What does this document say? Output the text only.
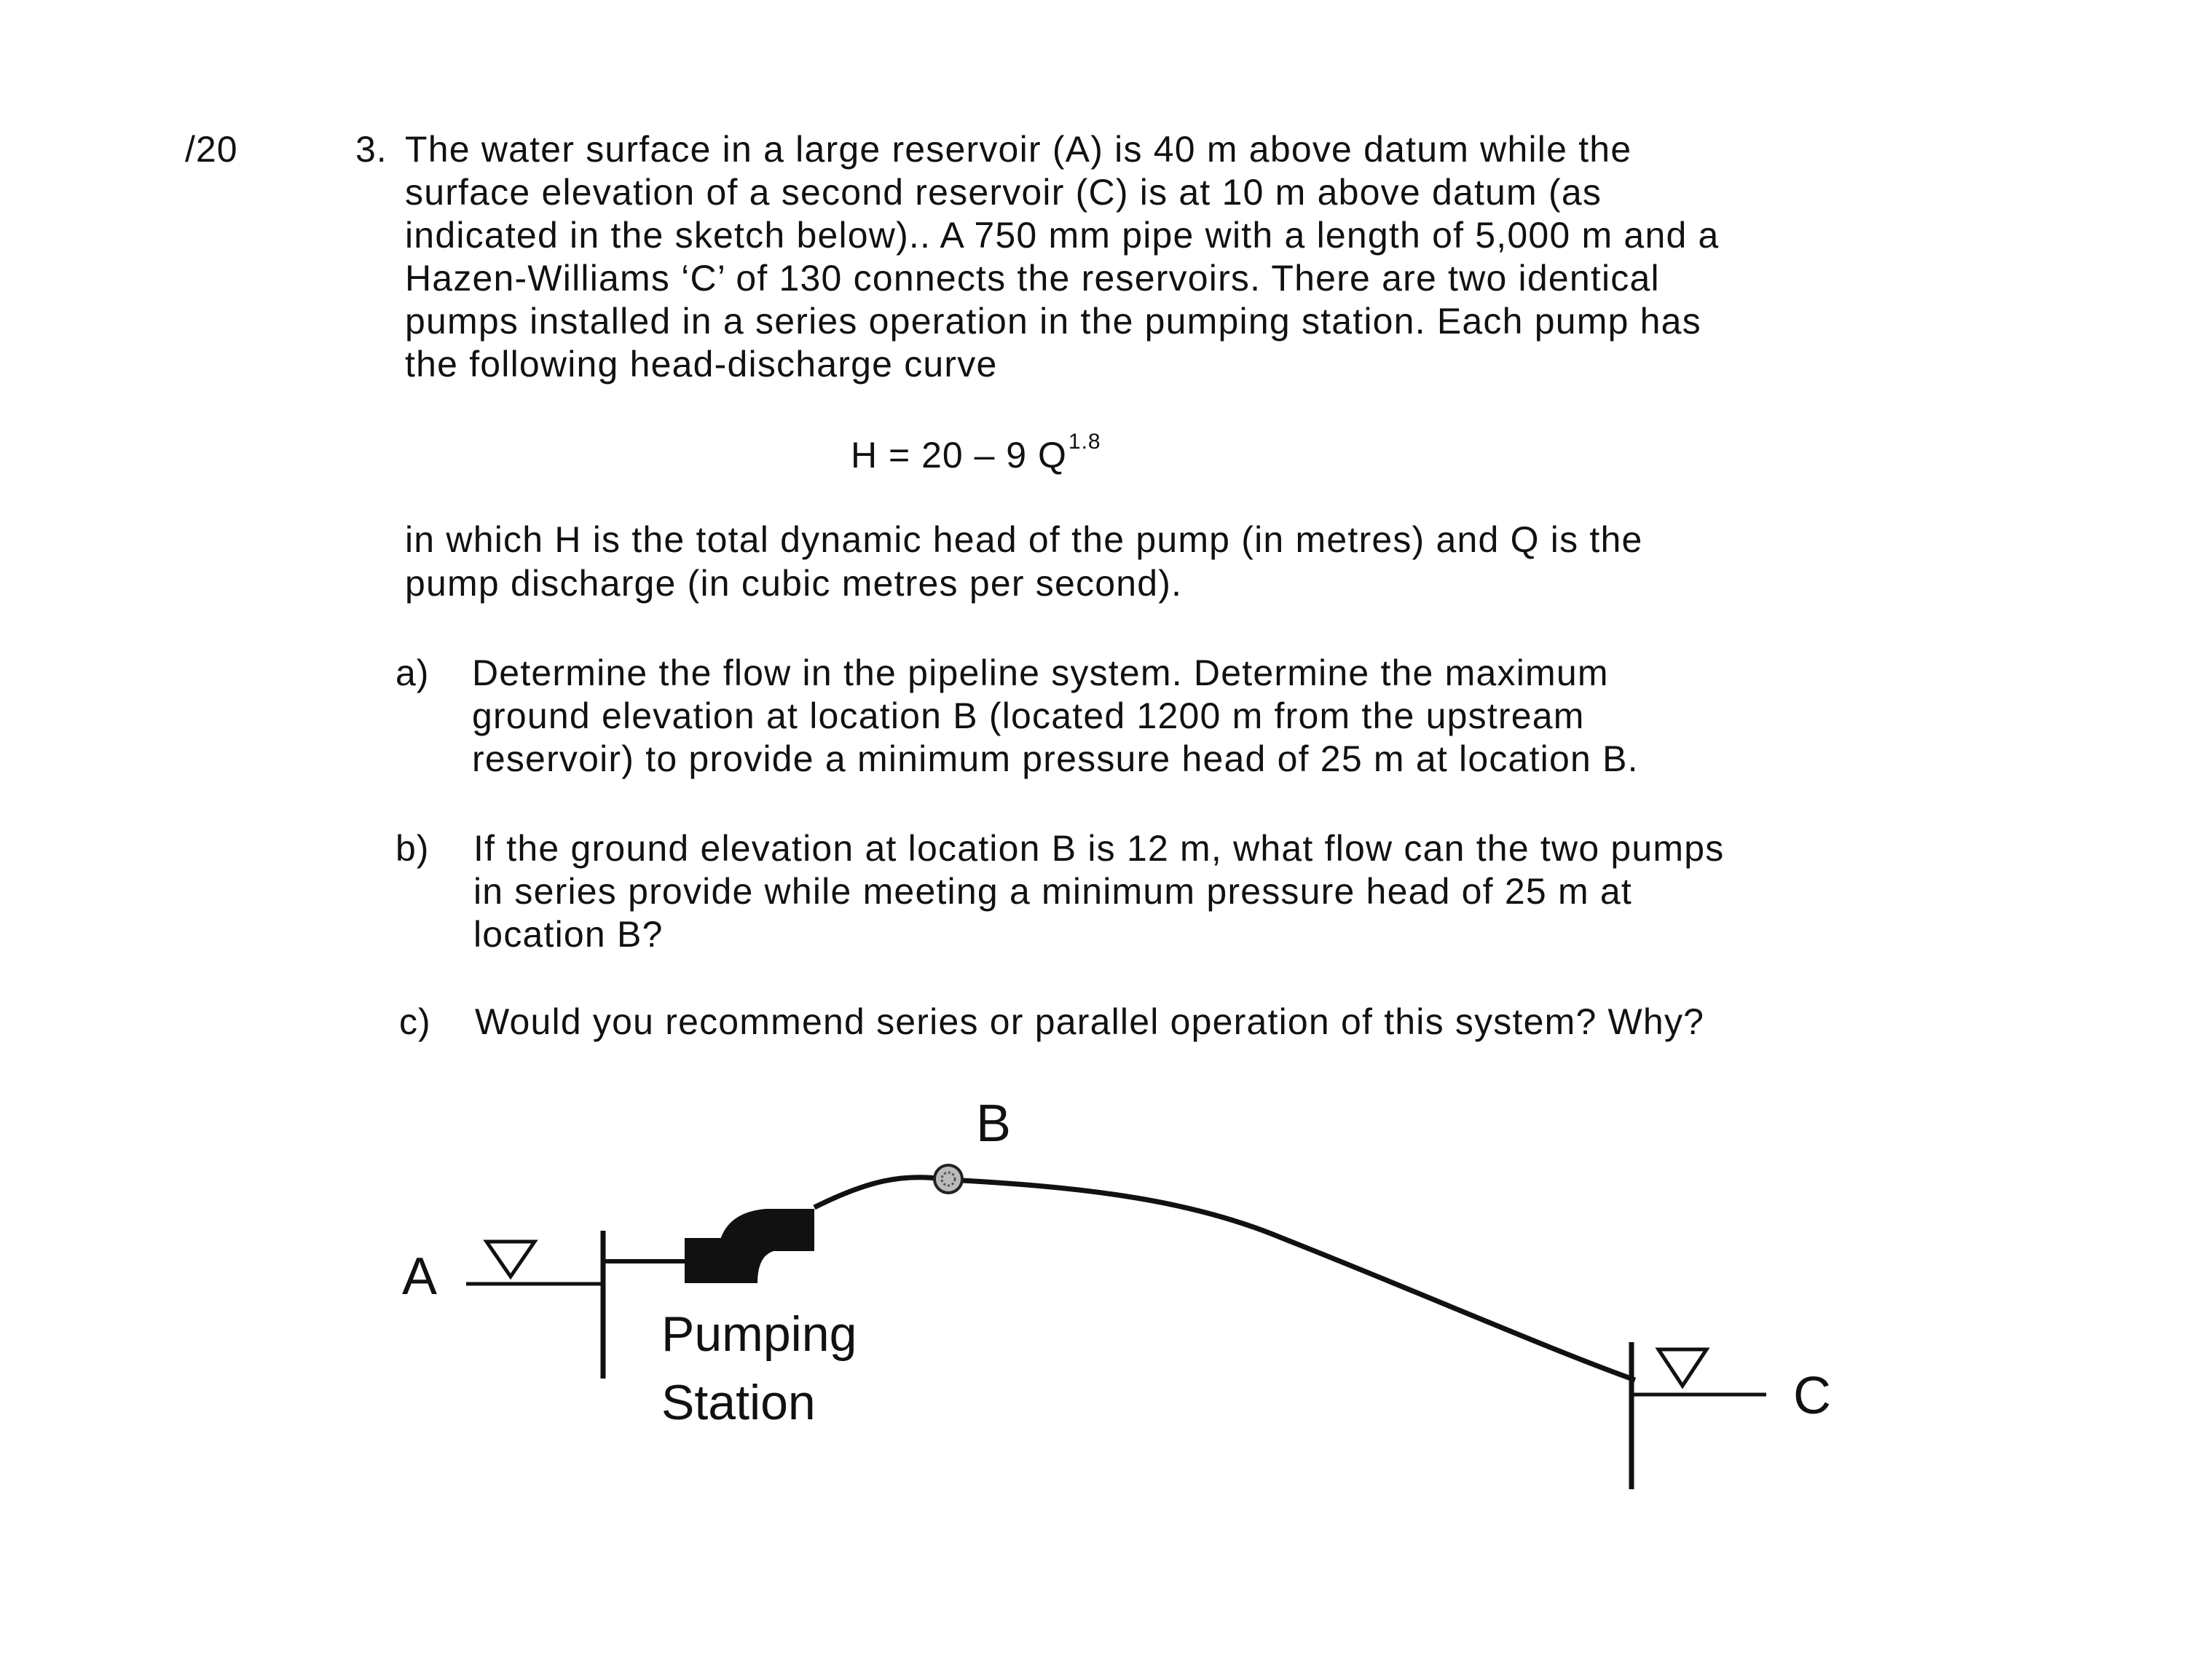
/20	3. The water surface in a large reservoir (A) is 40 m above datum while the
surface elevation of a second reservoir (C) is at 10 m above datum (as
indicated in the sketch below).. A 750 mm pipe with a length of 5,000 m and a
Hazen-Williams ‘C’ of 130 connects the reservoirs. There are two identical
pumps installed in a series operation in the pumping station. Each pump has
the following head-discharge curve
H = 20 – 9 $Q^{1.8}$
in which H is the total dynamic head of the pump (in metres) and Q is the
pump discharge (in cubic metres per second).
a) Determine the flow in the pipeline system. Determine the maximum
ground elevation at location B (located 1200 m from the upstream
reservoir) to provide a minimum pressure head of 25 m at location B.
b) If the ground elevation at location B is 12 m, what flow can the two pumps
in series provide while meeting a minimum pressure head of 25 m at
location B?
c) Would you recommend series or parallel operation of this system? Why?
A
B
C
Pumping
Station
